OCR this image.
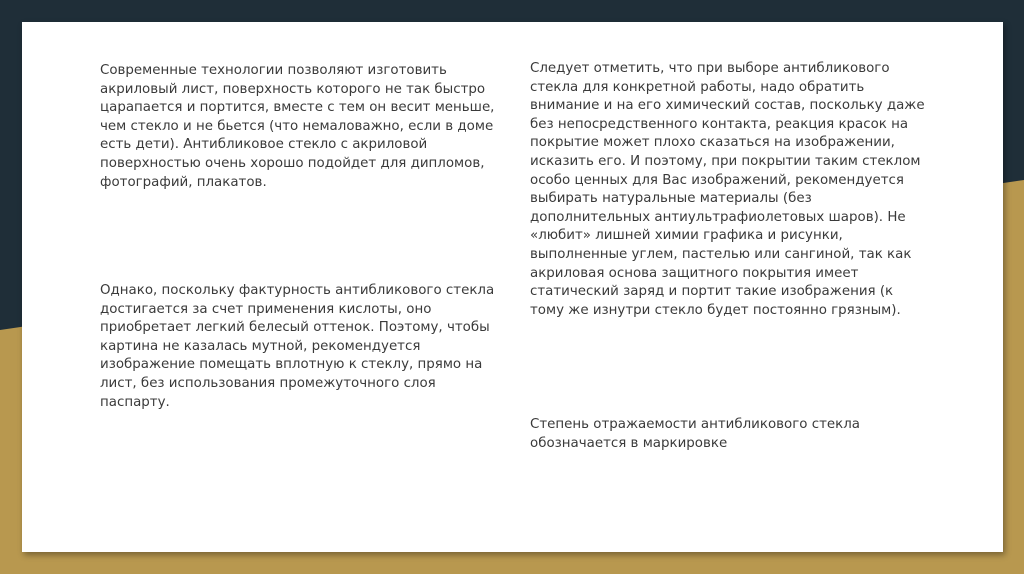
Современные технологии позволяют изготовить акриловый лист, поверхность которого не так быстро царапается и портится, вместе с тем он весит меньше, чем стекло и не бьется (что немаловажно, если в доме есть дети). Антибликовое стекло с акриловой поверхностью очень хорошо подойдет для дипломов, фотографий, плакатов.

Однако, поскольку фактурность антибликового стекла достигается за счет применения кислоты, оно приобретает легкий белесый оттенок. Поэтому, чтобы картина не казалась мутной, рекомендуется изображение помещать вплотную к стеклу, прямо на лист, без использования промежуточного слоя паспарту.

Следует отметить, что при выборе антибликового стекла для конкретной работы, надо обратить внимание и на его химический состав, поскольку даже без непосредственного контакта, реакция красок на покрытие может плохо сказаться на изображении, исказить его. И поэтому, при покрытии таким стеклом особо ценных для Вас изображений, рекомендуется выбирать натуральные материалы (без дополнительных антиультрафиолетовых шаров). Не «любит» лишней химии графика и рисунки, выполненные углем, пастелью или сангиной, так как акриловая основа защитного покрытия имеет статический заряд и портит такие изображения (к тому же изнутри стекло будет постоянно грязным).

Степень отражаемости антибликового стекла обозначается в маркировке
